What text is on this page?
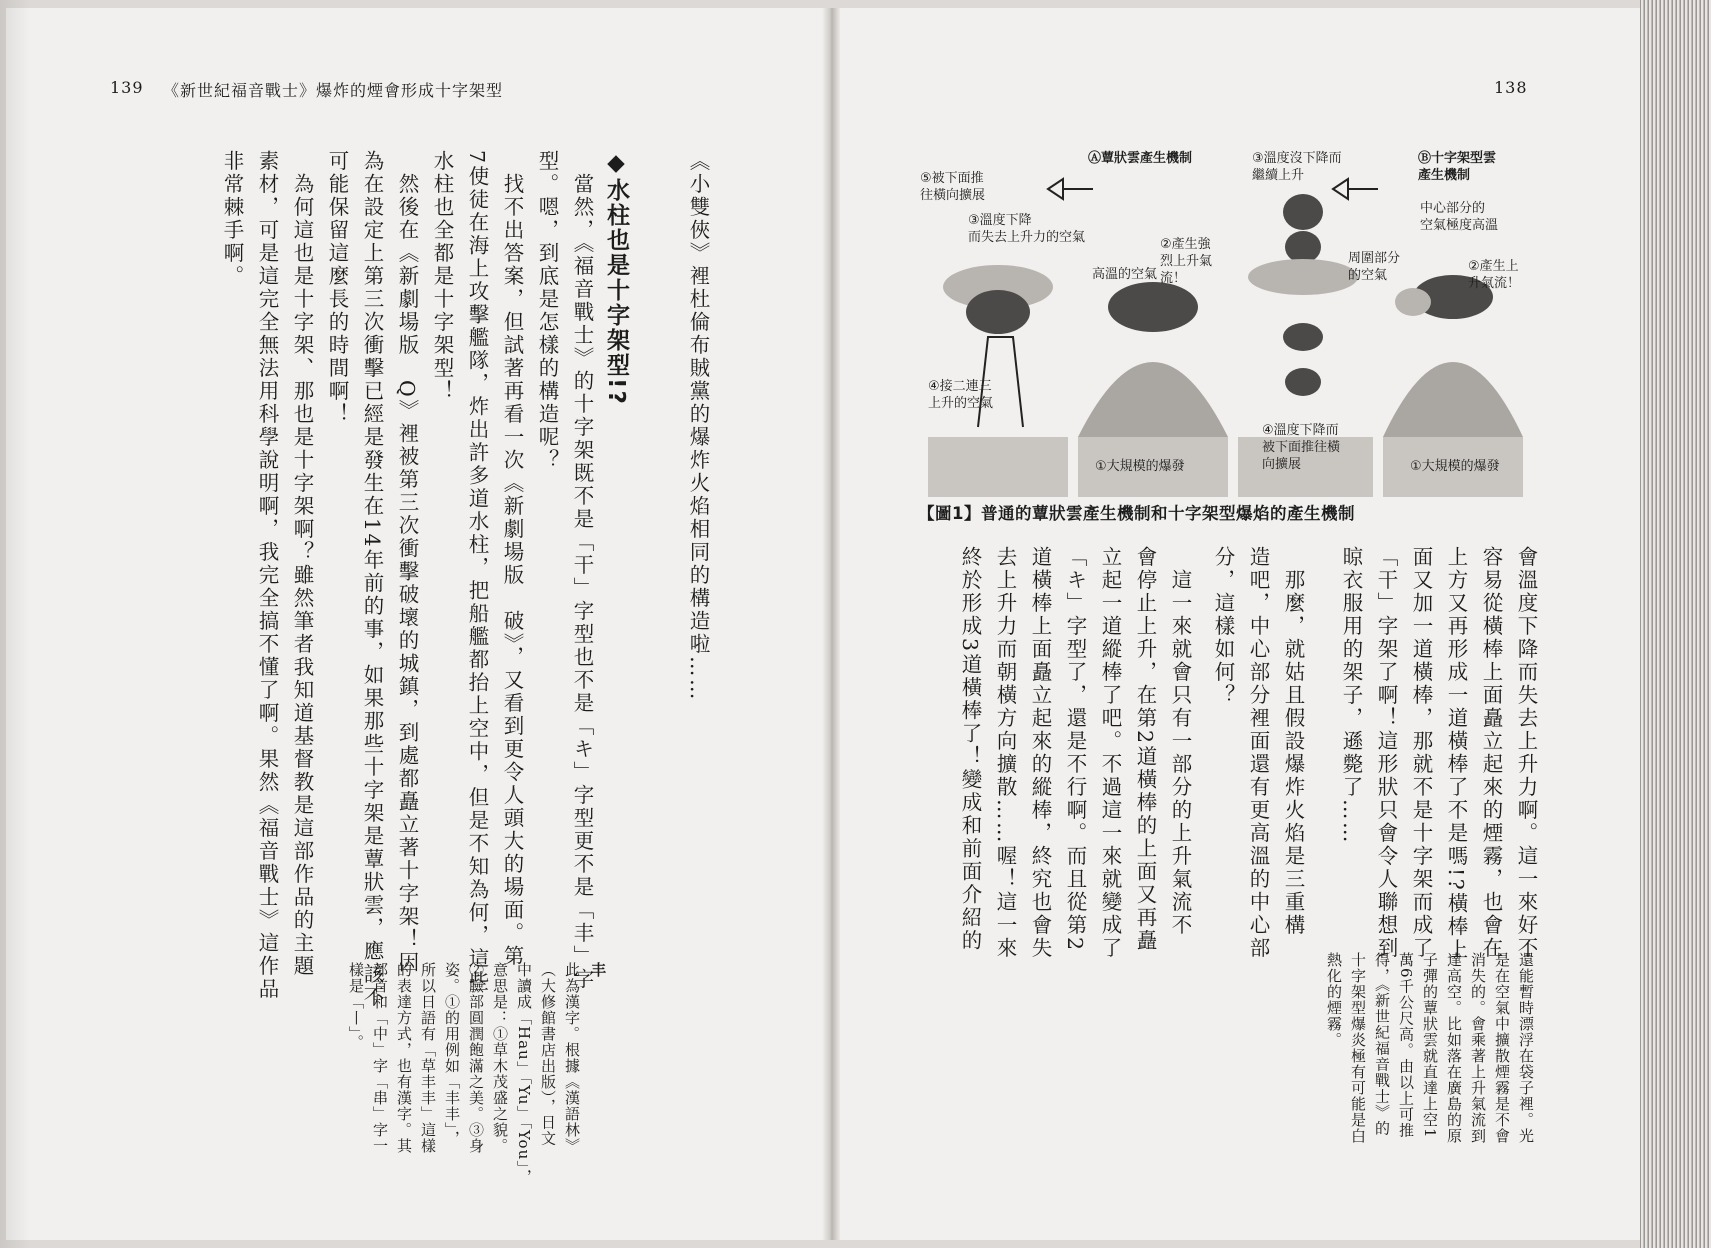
139 《新世紀福音戰士》爆炸的煙會形成十字架型
《小雙俠》裡杜倫布賊黨的爆炸火焰相同的構造啦……
◆水柱也是十字架型!?
　當然，《福音戰士》的十字架既不是「干」字型也不是「キ」字型更不是「丰」字
型。嗯，到底是怎樣的構造呢？
　找不出答案，但試著再看一次《新劇場版　破》，又看到更令人頭大的場面。第
7使徒在海上攻擊艦隊，炸出許多道水柱，把船艦都抬上空中，但是不知為何，這些
水柱也全都是十字架型！
　然後在《新劇場版　Q》裡被第三次衝擊破壞的城鎮，到處都矗立著十字架！因
為在設定上第三次衝擊已經是發生在14年前的事，如果那些十字架是蕈狀雲，應該不
可能保留這麼長的時間啊！
　為何這也是十字架、那也是十字架啊？雖然筆者我知道基督教是這部作品的主題
素材，可是這完全無法用科學說明啊，我完全搞不懂了啊。果然《福音戰士》這作品
非常棘手啊。
丰
此為漢字。根據《漢語林》
（大修館書店出版），日文
中讀成「Hau」「Yu」「You」，
意思是：①草木茂盛之貌。
②臉部圓潤飽滿之美。③身
姿。①的用例如「丰丰」，
所以日語有「草丰丰」這樣
的表達方式，也有漢字。其
部首和「中」字「串」字一
樣是「丨」。
138
Ⓐ蕈狀雲產生機制	Ⓑ十字架型雲
產生機制
⑤被下面推
往橫向擴展
③溫度下降
而失去上升力的空氣	②產生強
烈上升氣
流！
高溫的空氣
④接二連三
上升的空氣
①大規模的爆發
③溫度沒下降而
繼續上升
中心部分的
空氣極度高溫
周圍部分
的空氣
②產生上
升氣流！
④溫度下降而
被下面推往橫
向擴展	①大規模的爆發
【圖1】普通的蕈狀雲產生機制和十字架型爆焰的產生機制
會溫度下降而失去上升力啊。這一來好不
容易從橫棒上面矗立起來的煙霧，也會在
上方又再形成一道橫棒了不是嗎!?橫棒上
面又加一道橫棒，那就不是十字架而成了
「干」字架了啊！這形狀只會令人聯想到
晾衣服用的架子，遜斃了……
　那麼，就姑且假設爆炸火焰是三重構
造吧，中心部分裡面還有更高溫的中心部
分，這樣如何？
　這一來就會只有一部分的上升氣流不
會停止上升，在第2道橫棒的上面又再矗
立起一道縱棒了吧。不過這一來就變成了
「キ」字型了，還是不行啊。而且從第2
道橫棒上面矗立起來的縱棒，終究也會失
去上升力而朝橫方向擴散……喔！這一來
終於形成3道橫棒了！變成和前面介紹的
還能暫時漂浮在袋子裡。光
是在空氣中擴散煙霧是不會
消失的。會乘著上升氣流到
達高空。比如落在廣島的原
子彈的蕈狀雲就直達上空1
萬6千公尺高。由以上可推
得，《新世紀福音戰士》的
十字架型爆炎極有可能是白
熱化的煙霧。
